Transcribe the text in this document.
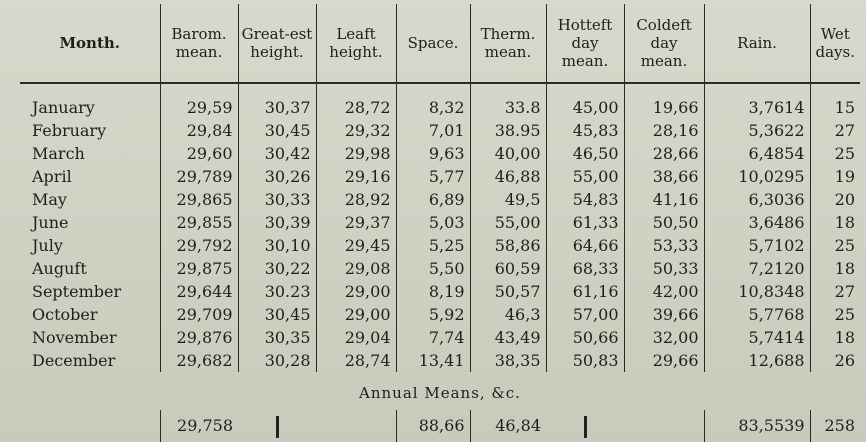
Month.	Barom. mean.	Great-est height.	Leaft height.	Space.	Therm. mean.	Hotteft day mean.	Coldeft day mean.	Rain.	Wet days.
January	29,59	30,37	28,72	8,32	33.8	45,00	19,66	3,7614	15
February	29,84	30,45	29,32	7,01	38.95	45,83	28,16	5,3622	27
March	29,60	30,42	29,98	9,63	40,00	46,50	28,66	6,4854	25
April	29,789	30,26	29,16	5,77	46,88	55,00	38,66	10,0295	19
May	29,865	30,33	28,92	6,89	49,5	54,83	41,16	6,3036	20
June	29,855	30,39	29,37	5,03	55,00	61,33	50,50	3,6486	18
July	29,792	30,10	29,45	5,25	58,86	64,66	53,33	5,7102	25
Auguft	29,875	30,22	29,08	5,50	60,59	68,33	50,33	7,2120	18
September	29,644	30.23	29,00	8,19	50,57	61,16	42,00	10,8348	27
October	29,709	30,45	29,00	5,92	46,3	57,00	39,66	5,7768	25
November	29,876	30,35	29,04	7,74	43,49	50,66	32,00	5,7414	18
December	29,682	30,28	28,74	13,41	38,35	50,83	29,66	12,688	26
Annual Means, &c.									
	29,758			88,66	46,84			83,5539	258
